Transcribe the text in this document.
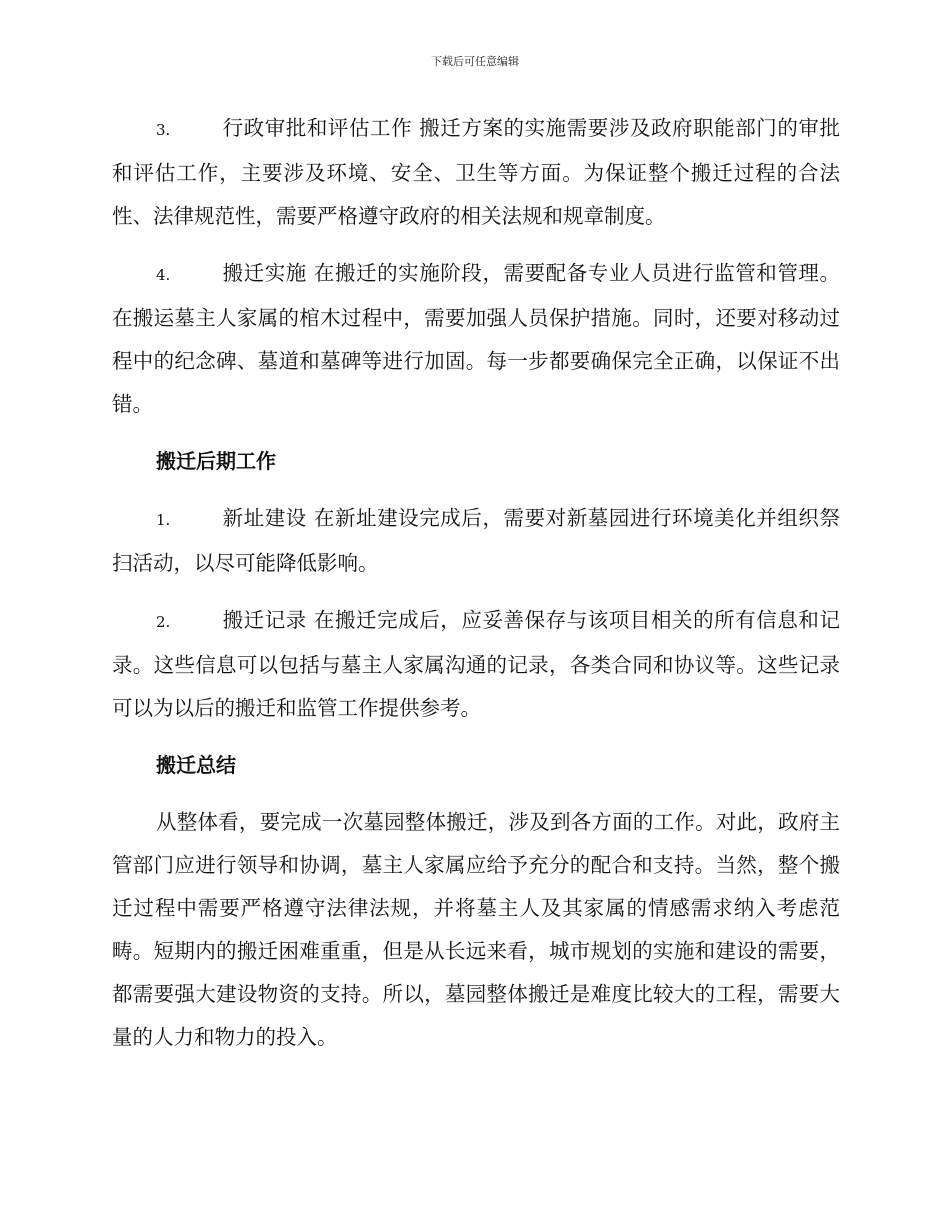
下载后可任意编辑

3.	行政审批和评估工作 搬迁方案的实施需要涉及政府职能部门的审批和评估工作，主要涉及环境、安全、卫生等方面。为保证整个搬迁过程的合法性、法律规范性，需要严格遵守政府的相关法规和规章制度。

4.	搬迁实施 在搬迁的实施阶段，需要配备专业人员进行监管和管理。在搬运墓主人家属的棺木过程中，需要加强人员保护措施。同时，还要对移动过程中的纪念碑、墓道和墓碑等进行加固。每一步都要确保完全正确，以保证不出错。

搬迁后期工作

1.	新址建设 在新址建设完成后，需要对新墓园进行环境美化并组织祭扫活动，以尽可能降低影响。

2.	搬迁记录 在搬迁完成后，应妥善保存与该项目相关的所有信息和记录。这些信息可以包括与墓主人家属沟通的记录，各类合同和协议等。这些记录可以为以后的搬迁和监管工作提供参考。

搬迁总结

从整体看，要完成一次墓园整体搬迁，涉及到各方面的工作。对此，政府主管部门应进行领导和协调，墓主人家属应给予充分的配合和支持。当然，整个搬迁过程中需要严格遵守法律法规，并将墓主人及其家属的情感需求纳入考虑范畴。短期内的搬迁困难重重，但是从长远来看，城市规划的实施和建设的需要，都需要强大建设物资的支持。所以，墓园整体搬迁是难度比较大的工程，需要大量的人力和物力的投入。
